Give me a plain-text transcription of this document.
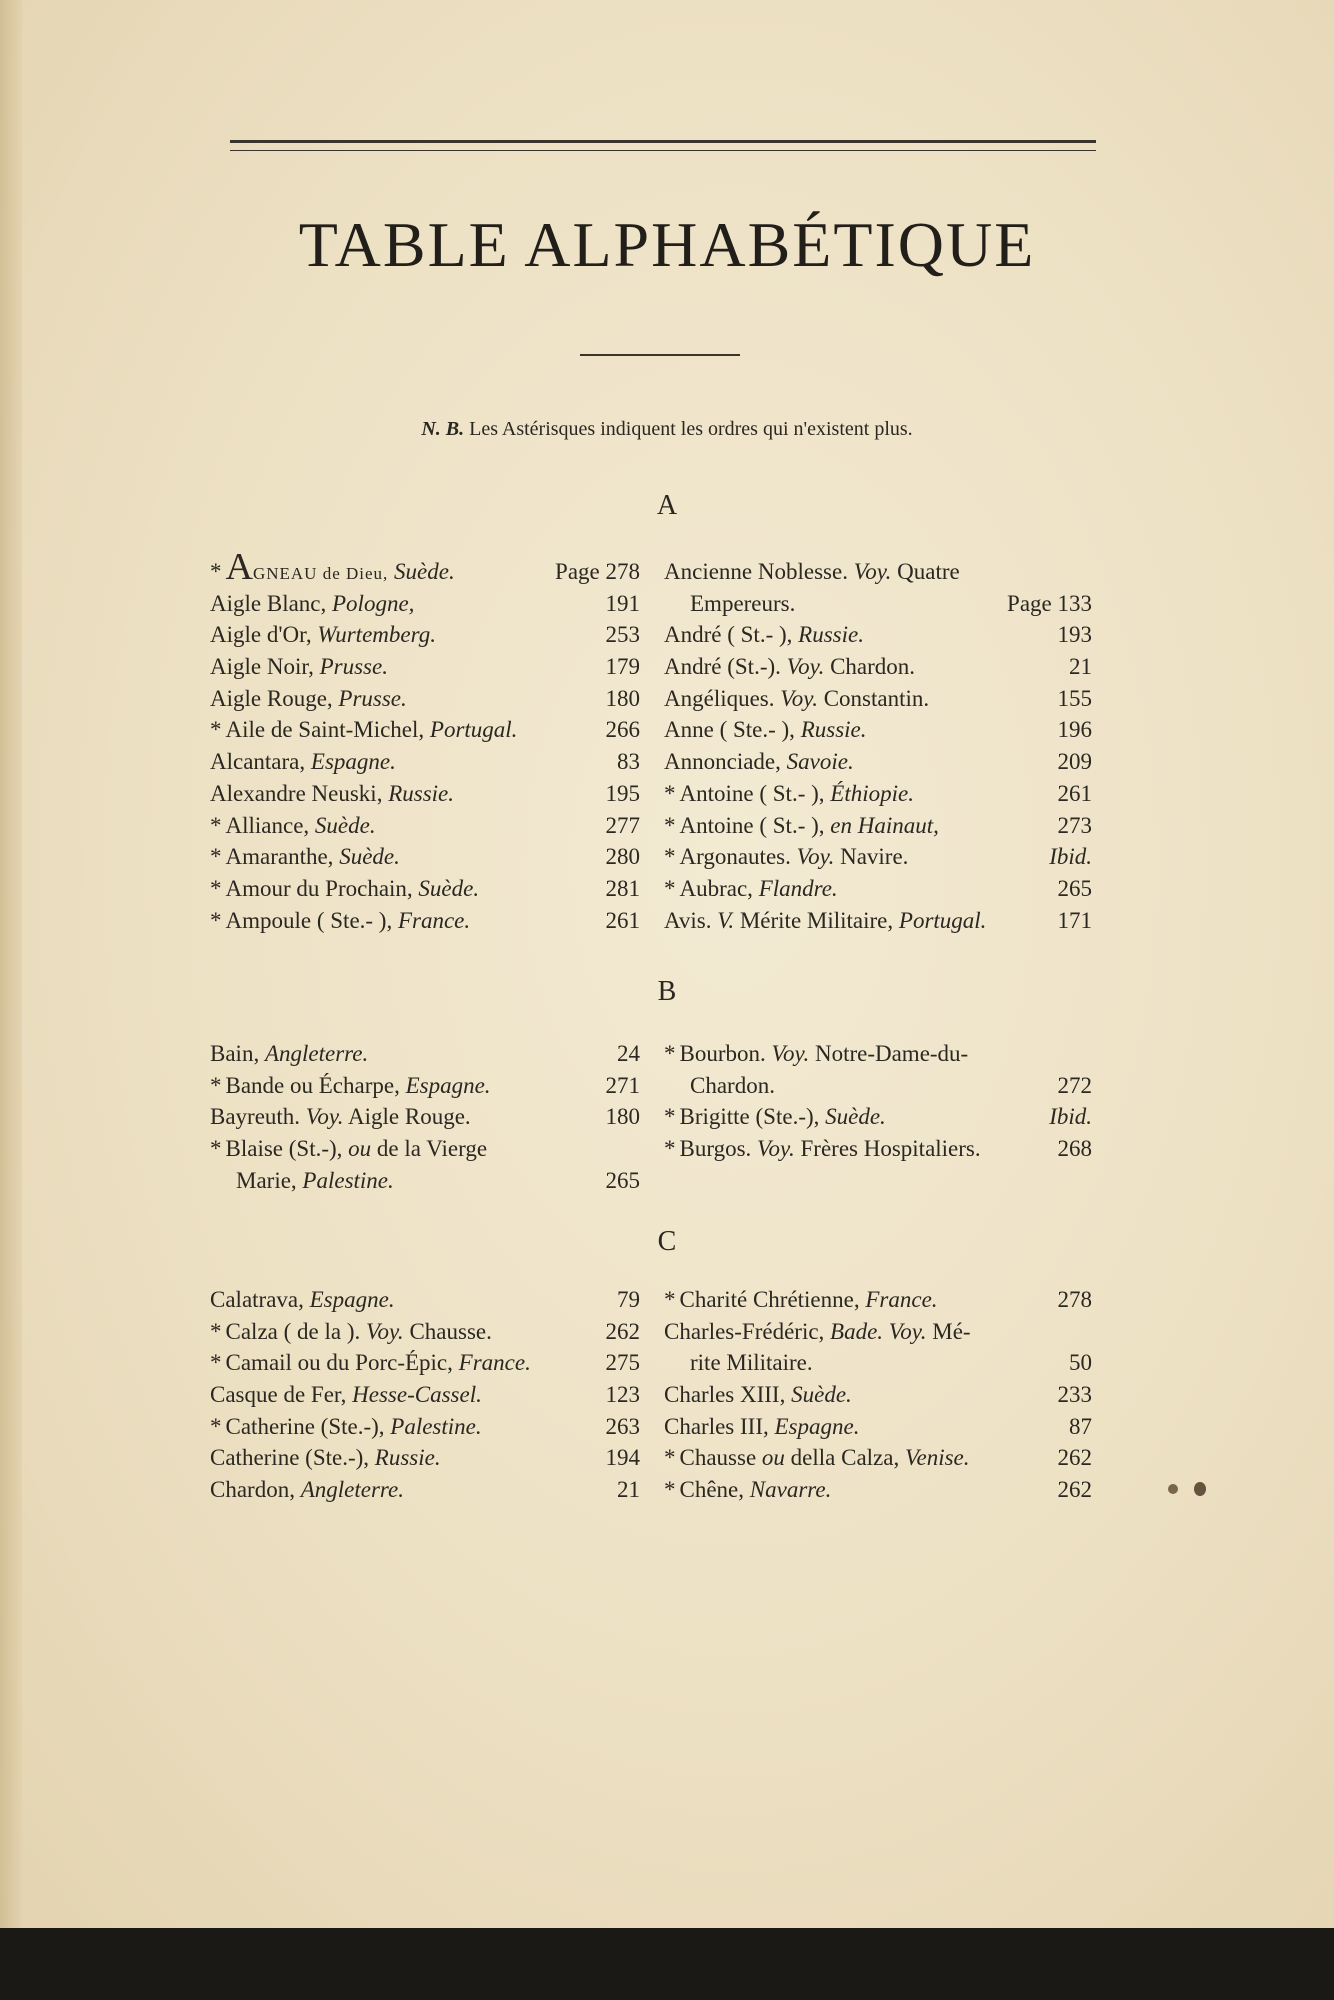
TABLE ALPHABÉTIQUE
N. B. Les Astérisques indiquent les ordres qui n'existent plus.
A
* AGNEAU de Dieu, Suède.	Page 278
Aigle Blanc, Pologne,	191
Aigle d'Or, Wurtemberg.	253
Aigle Noir, Prusse.	179
Aigle Rouge, Prusse.	180
* Aile de Saint-Michel, Portugal.	266
Alcantara, Espagne.	83
Alexandre Neuski, Russie.	195
* Alliance, Suède.	277
* Amaranthe, Suède.	280
* Amour du Prochain, Suède.	281
* Ampoule ( Ste.- ), France.	261
Ancienne Noblesse. Voy. Quatre
Empereurs.	Page 133
André ( St.- ), Russie.	193
André (St.-). Voy. Chardon.	21
Angéliques. Voy. Constantin.	155
Anne ( Ste.- ), Russie.	196
Annonciade, Savoie.	209
* Antoine ( St.- ), Éthiopie.	261
* Antoine ( St.- ), en Hainaut,	273
* Argonautes. Voy. Navire.	Ibid.
* Aubrac, Flandre.	265
Avis. V. Mérite Militaire, Portugal.	171
B
Bain, Angleterre.	24
* Bande ou Écharpe, Espagne.	271
Bayreuth. Voy. Aigle Rouge.	180
* Blaise (St.-), ou de la Vierge
Marie, Palestine.	265
* Bourbon. Voy. Notre-Dame-du-
Chardon.	272
* Brigitte (Ste.-), Suède.	Ibid.
* Burgos. Voy. Frères Hospitaliers.	268
C
Calatrava, Espagne.	79
* Calza ( de la ). Voy. Chausse.	262
* Camail ou du Porc-Épic, France.	275
Casque de Fer, Hesse-Cassel.	123
* Catherine (Ste.-), Palestine.	263
Catherine (Ste.-), Russie.	194
Chardon, Angleterre.	21
* Charité Chrétienne, France.	278
Charles-Frédéric, Bade. Voy. Mé-
rite Militaire.	50
Charles XIII, Suède.	233
Charles III, Espagne.	87
* Chausse ou della Calza, Venise.	262
* Chêne, Navarre.	262
